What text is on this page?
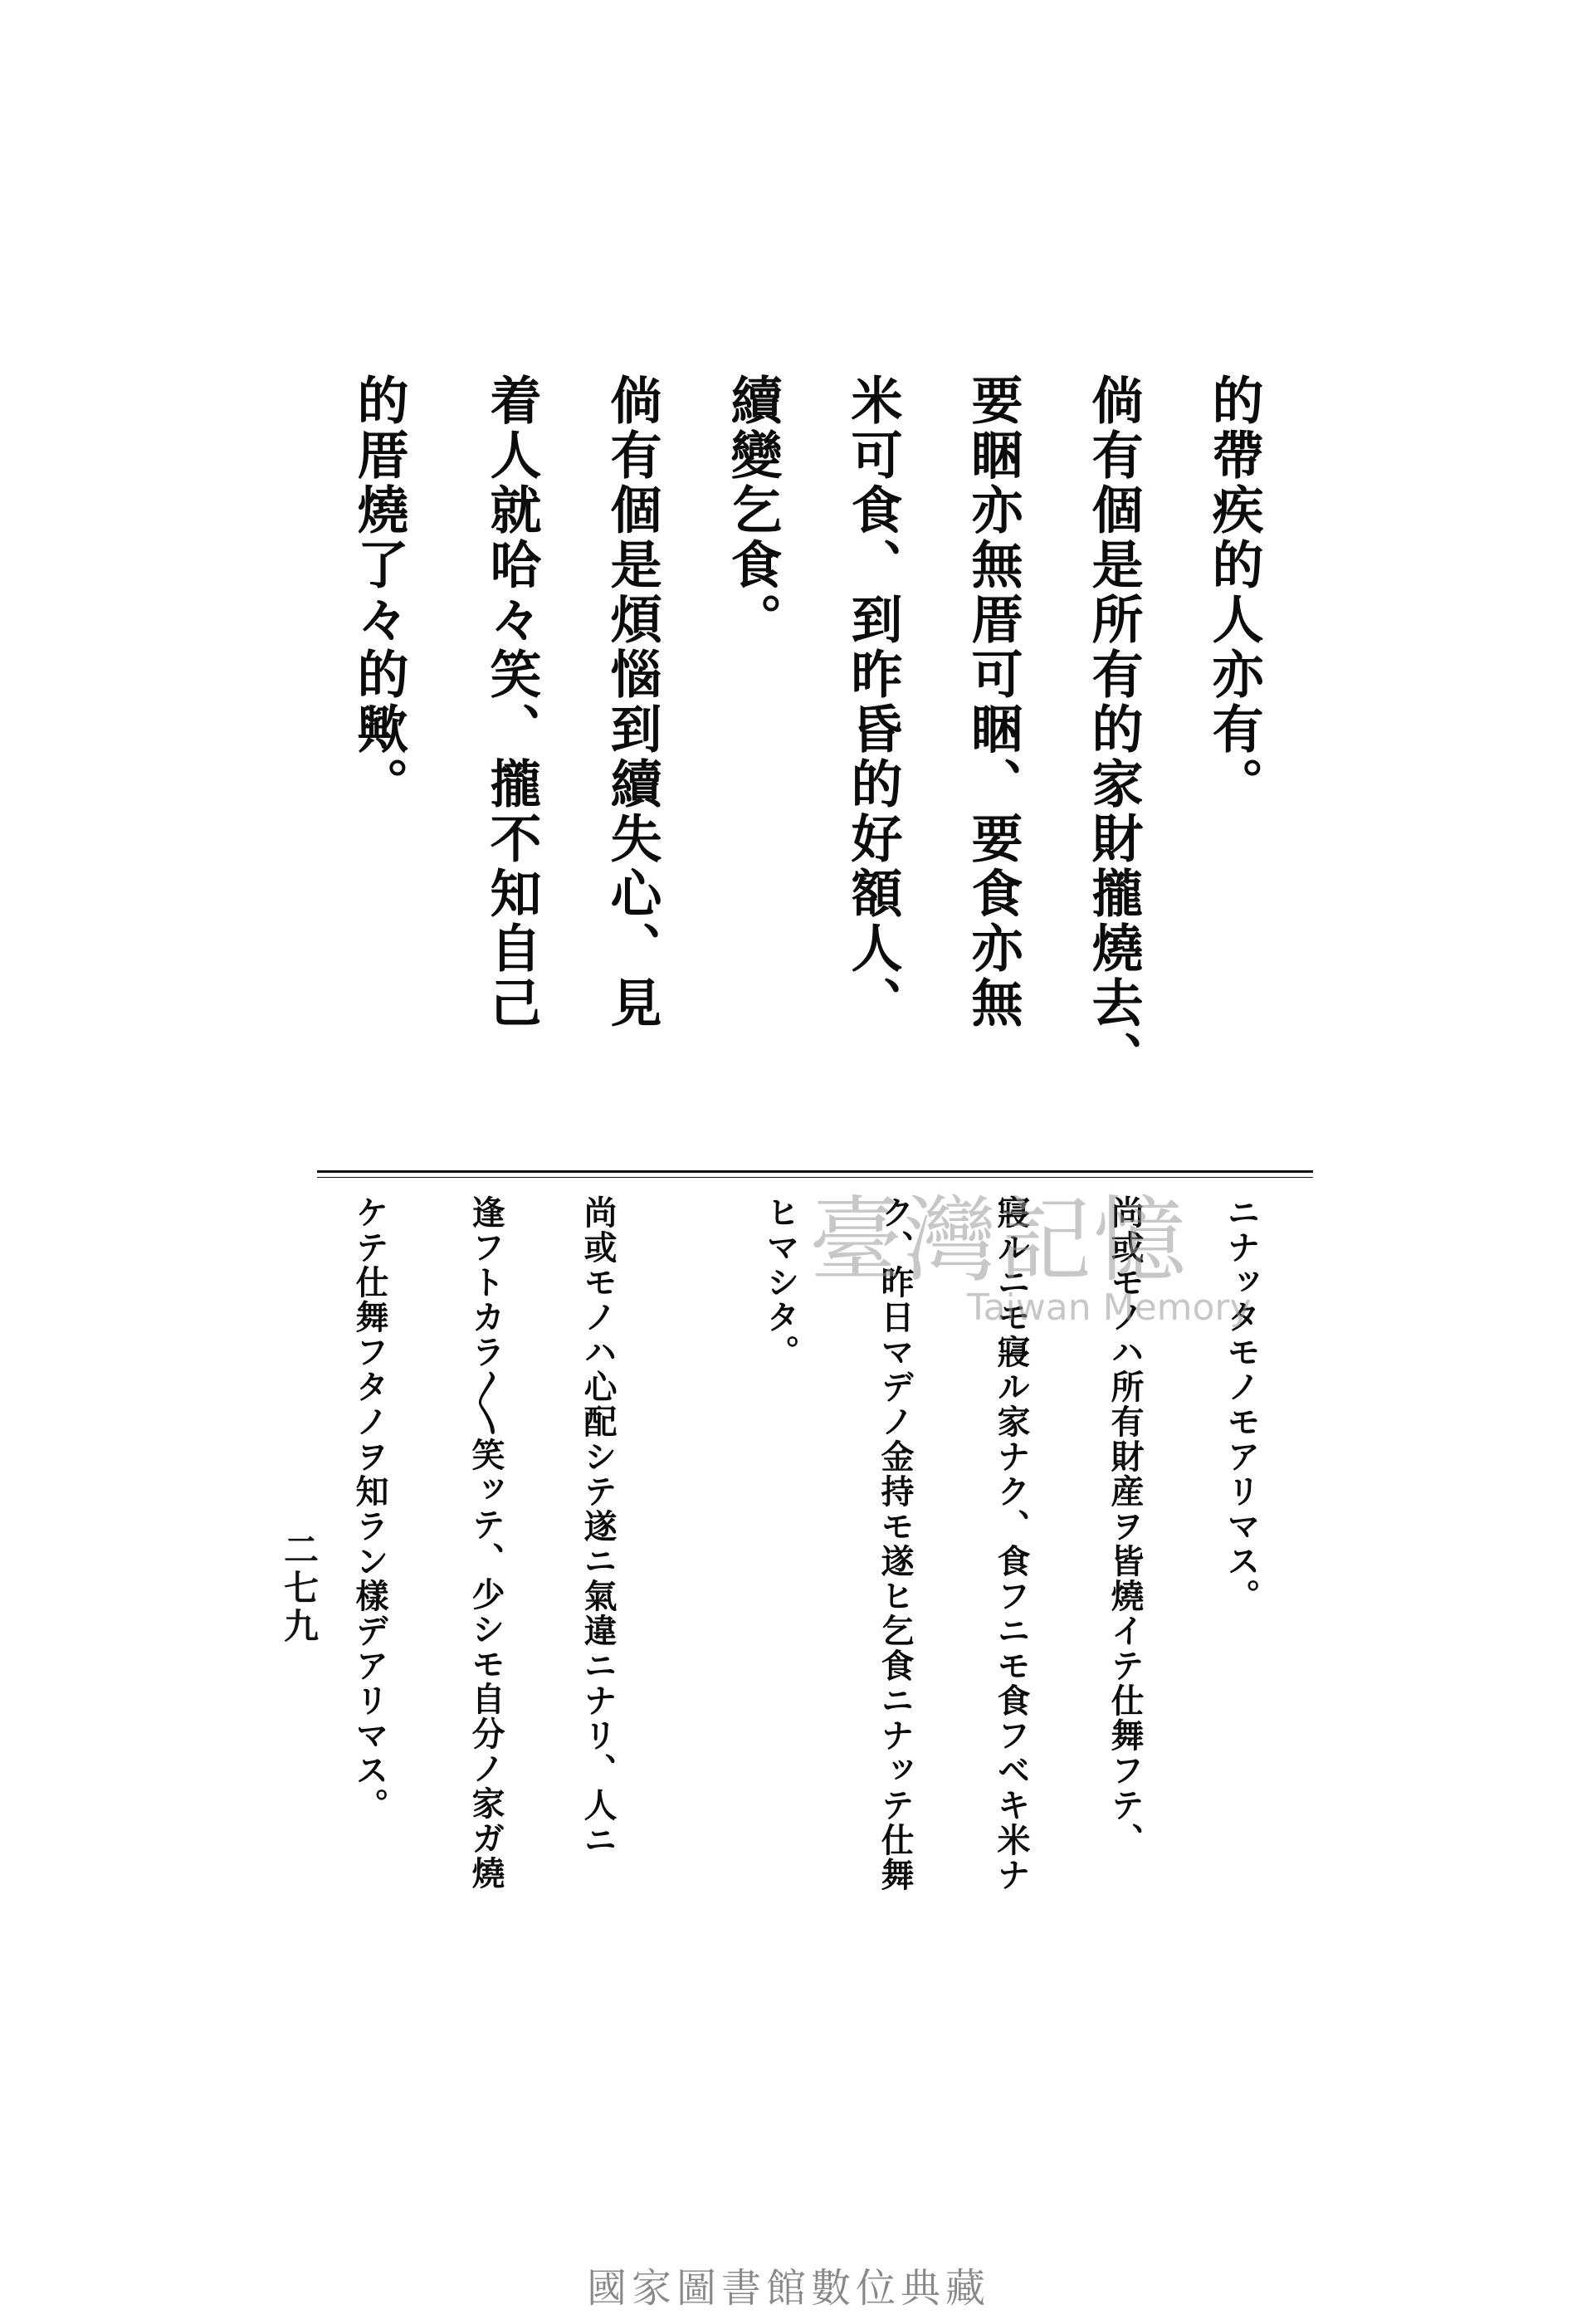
的帶疾的人亦有。
倘有個是所有的家財攏燒去、
要睏亦無厝可睏、要食亦無
米可食、到昨昏的好額人、
續變乞食。
倘有個是煩惱到續失心、見
着人就哈々笑、攏不知自己
的厝燒了々的歟。
ニナッタモノモアリマス。
尚或モノハ所有財産ヲ皆燒イテ仕舞フテ、
寢ルニモ寢ル家ナク、食フニモ食フベキ米ナ
ク、昨日マデノ金持モ遂ヒ乞食ニナッテ仕舞
ヒマシタ。
尚或モノハ心配シテ遂ニ氣違ニナリ、人ニ
逢フトカラ〱笑ッテ、少シモ自分ノ家ガ燒
ケテ仕舞フタノヲ知ラン樣デアリマス。
二七九
臺灣記憶
Taiwan Memory
國家圖書館數位典藏
